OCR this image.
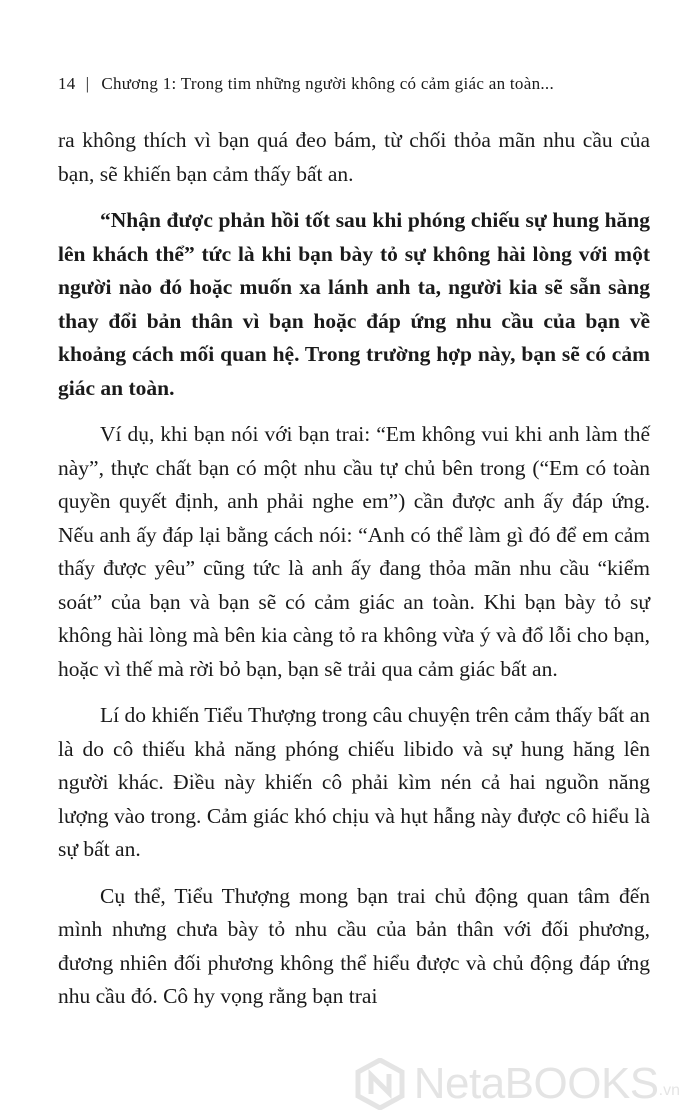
14 | Chương 1: Trong tim những người không có cảm giác an toàn...

ra không thích vì bạn quá đeo bám, từ chối thỏa mãn nhu cầu của bạn, sẽ khiến bạn cảm thấy bất an.

“Nhận được phản hồi tốt sau khi phóng chiếu sự hung hăng lên khách thể” tức là khi bạn bày tỏ sự không hài lòng với một người nào đó hoặc muốn xa lánh anh ta, người kia sẽ sẵn sàng thay đổi bản thân vì bạn hoặc đáp ứng nhu cầu của bạn về khoảng cách mối quan hệ. Trong trường hợp này, bạn sẽ có cảm giác an toàn.

Ví dụ, khi bạn nói với bạn trai: “Em không vui khi anh làm thế này”, thực chất bạn có một nhu cầu tự chủ bên trong (“Em có toàn quyền quyết định, anh phải nghe em”) cần được anh ấy đáp ứng. Nếu anh ấy đáp lại bằng cách nói: “Anh có thể làm gì đó để em cảm thấy được yêu” cũng tức là anh ấy đang thỏa mãn nhu cầu “kiểm soát” của bạn và bạn sẽ có cảm giác an toàn. Khi bạn bày tỏ sự không hài lòng mà bên kia càng tỏ ra không vừa ý và đổ lỗi cho bạn, hoặc vì thế mà rời bỏ bạn, bạn sẽ trải qua cảm giác bất an.

Lí do khiến Tiểu Thượng trong câu chuyện trên cảm thấy bất an là do cô thiếu khả năng phóng chiếu libido và sự hung hăng lên người khác. Điều này khiến cô phải kìm nén cả hai nguồn năng lượng vào trong. Cảm giác khó chịu và hụt hẫng này được cô hiểu là sự bất an.

Cụ thể, Tiểu Thượng mong bạn trai chủ động quan tâm đến mình nhưng chưa bày tỏ nhu cầu của bản thân với đối phương, đương nhiên đối phương không thể hiểu được và chủ động đáp ứng nhu cầu đó. Cô hy vọng rằng bạn trai

NetaBOOKS .vn
